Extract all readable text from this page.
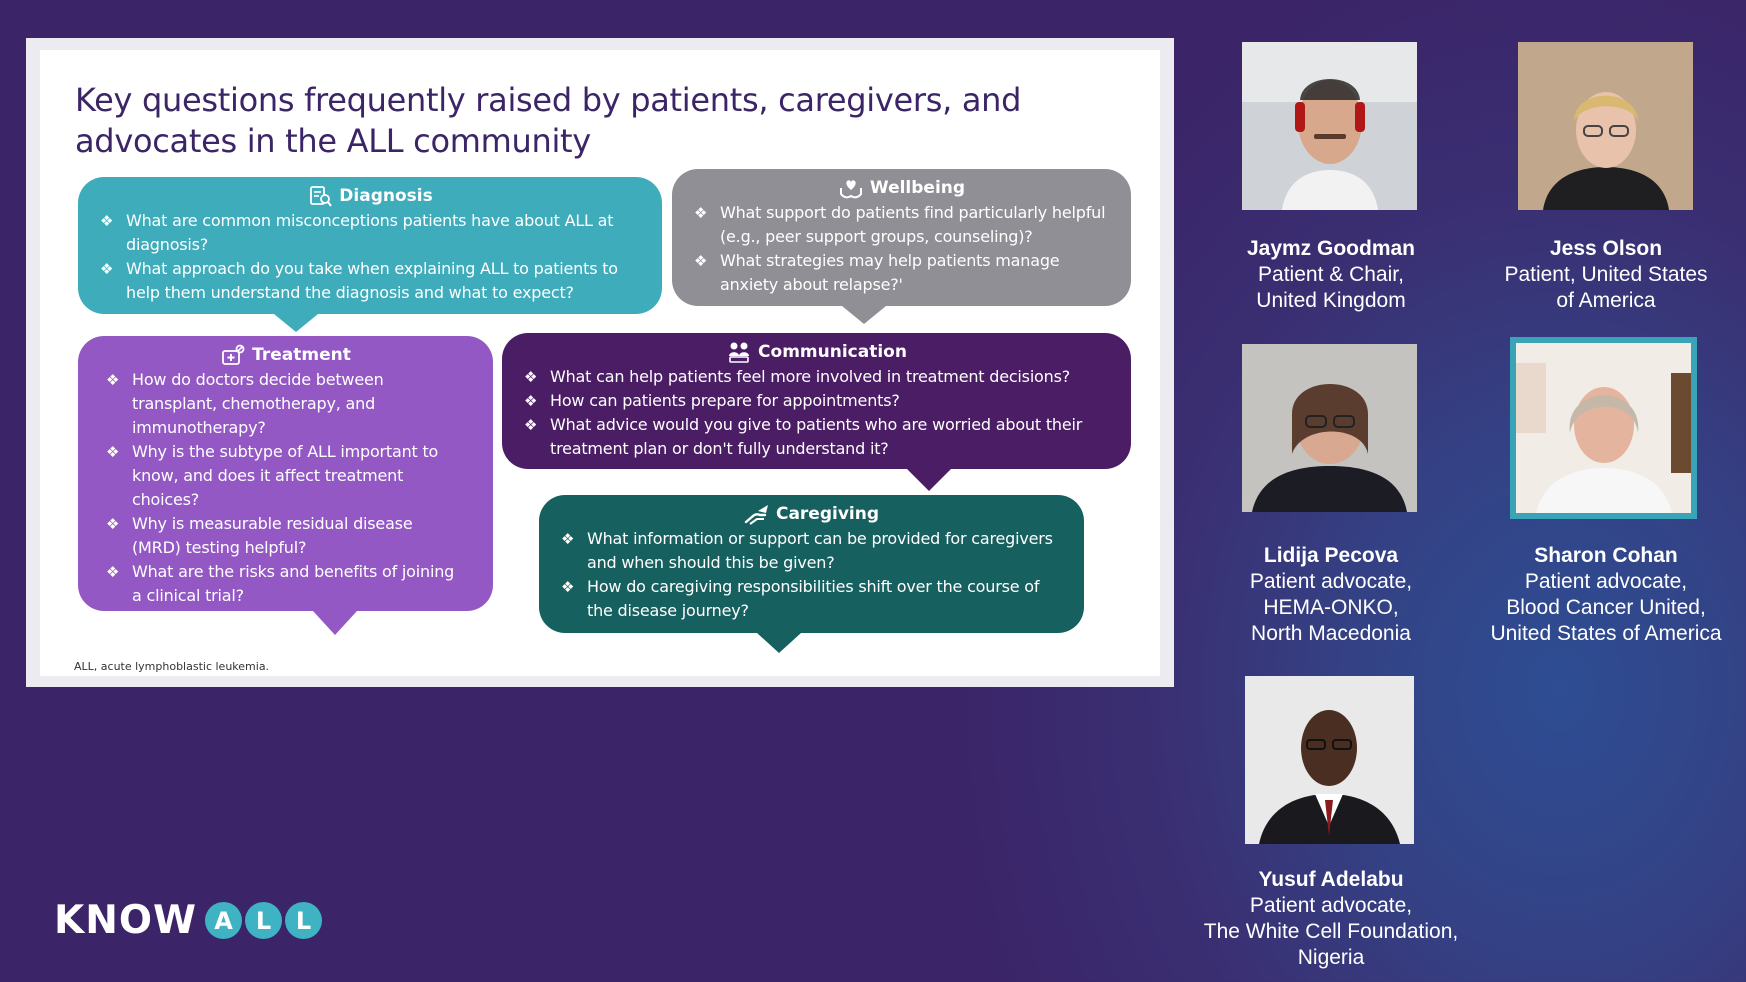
Key questions frequently raised by patients, caregivers, and advocates in the ALL community
ALL, acute lymphoblastic leukemia.
Diagnosis
❖ What are common misconceptions patients have about ALL at diagnosis?
❖ What approach do you take when explaining ALL to patients to help them understand the diagnosis and what to expect?
Wellbeing
❖ What support do patients find particularly helpful (e.g., peer support groups, counseling)?
❖ What strategies may help patients manage anxiety about relapse?'
Treatment
❖ How do doctors decide between transplant, chemotherapy, and immunotherapy?
❖ Why is the subtype of ALL important to know, and does it affect treatment choices?
❖ Why is measurable residual disease (MRD) testing helpful?
❖ What are the risks and benefits of joining a clinical trial?
Communication
❖ What can help patients feel more involved in treatment decisions?
❖ How can patients prepare for appointments?
❖ What advice would you give to patients who are worried about their treatment plan or don't fully understand it?
Caregiving
❖ What information or support can be provided for caregivers and when should this be given?
❖ How do caregiving responsibilities shift over the course of the disease journey?
Jaymz Goodman
Patient & Chair,
United Kingdom
Jess Olson
Patient, United States
of America
Lidija Pecova
Patient advocate,
HEMA-ONKO,
North Macedonia
Sharon Cohan
Patient advocate,
Blood Cancer United,
United States of America
Yusuf Adelabu
Patient advocate,
The White Cell Foundation,
Nigeria
KNOW A L	L
